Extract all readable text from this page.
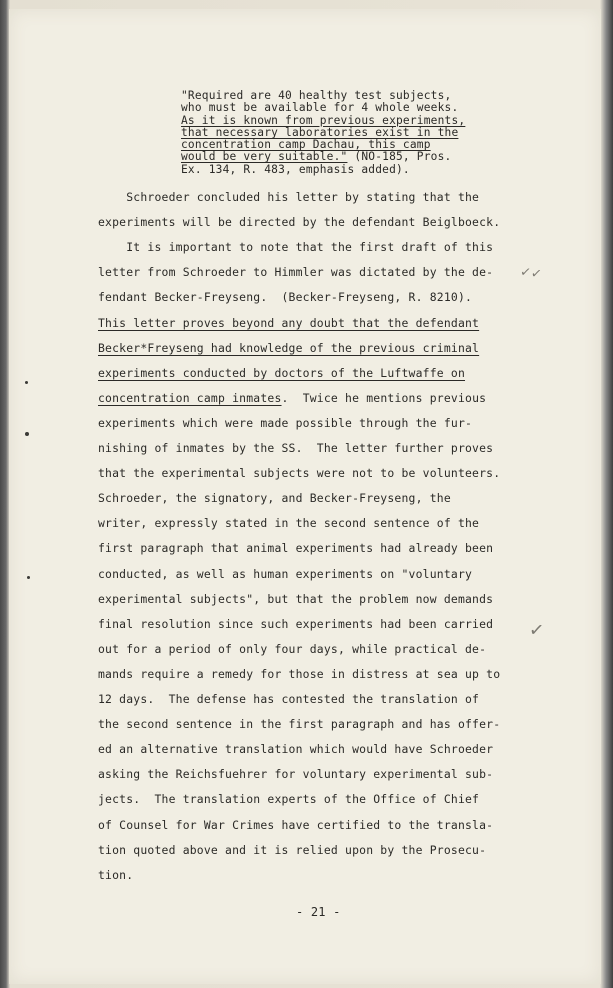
"Required are 40 healthy test subjects,
who must be available for 4 whole weeks.
As it is known from previous experiments,
that necessary laboratories exist in the
concentration camp Dachau, this camp
would be very suitable." (NO-185, Pros.
Ex. 134, R. 483, emphasis added).
Schroeder concluded his letter by stating that the
experiments will be directed by the defendant Beiglboeck.
It is important to note that the first draft of this
letter from Schroeder to Himmler was dictated by the de-
fendant Becker-Freyseng.  (Becker-Freyseng, R. 8210).
This letter proves beyond any doubt that the defendant
Becker*Freyseng had knowledge of the previous criminal
experiments conducted by doctors of the Luftwaffe on
concentration camp inmates.  Twice he mentions previous
experiments which were made possible through the fur-
nishing of inmates by the SS.  The letter further proves
that the experimental subjects were not to be volunteers.
Schroeder, the signatory, and Becker-Freyseng, the
writer, expressly stated in the second sentence of the
first paragraph that animal experiments had already been
conducted, as well as human experiments on "voluntary
experimental subjects", but that the problem now demands
final resolution since such experiments had been carried
out for a period of only four days, while practical de-
mands require a remedy for those in distress at sea up to
12 days.  The defense has contested the translation of
the second sentence in the first paragraph and has offer-
ed an alternative translation which would have Schroeder
asking the Reichsfuehrer for voluntary experimental sub-
jects.  The translation experts of the Office of Chief
of Counsel for War Crimes have certified to the transla-
tion quoted above and it is relied upon by the Prosecu-
tion.
- 21 -
✓✓
✓
